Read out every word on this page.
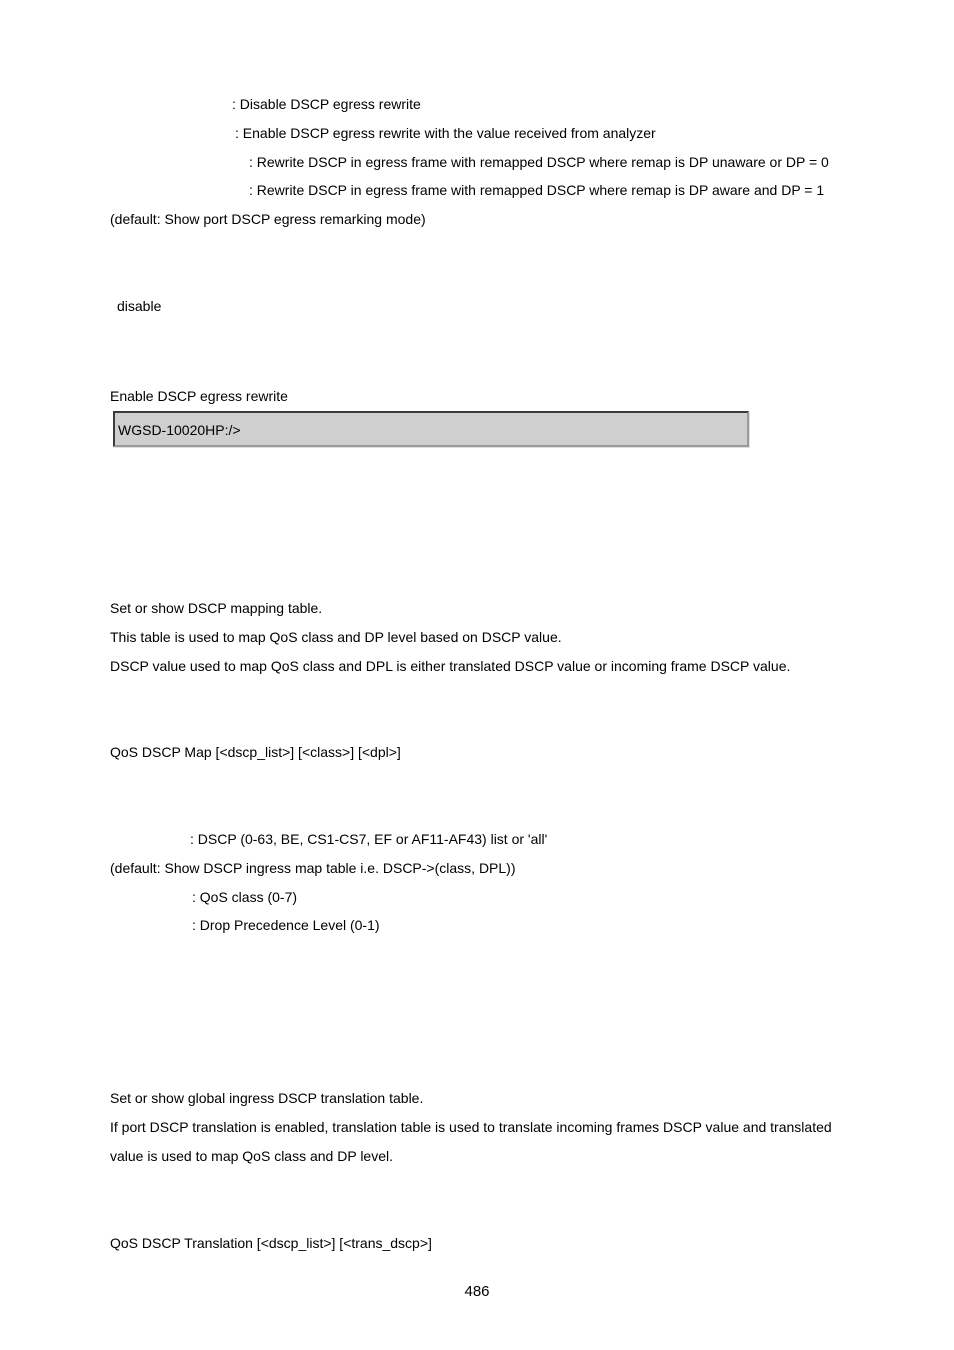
: Disable DSCP egress rewrite
: Enable DSCP egress rewrite with the value received from analyzer
: Rewrite DSCP in egress frame with remapped DSCP where remap is DP unaware or DP = 0
: Rewrite DSCP in egress frame with remapped DSCP where remap is DP aware and DP = 1
(default: Show port DSCP egress remarking mode)
disable
Enable DSCP egress rewrite
WGSD-10020HP:/>
Set or show DSCP mapping table.
This table is used to map QoS class and DP level based on DSCP value.
DSCP value used to map QoS class and DPL is either translated DSCP value or incoming frame DSCP value.
QoS DSCP Map [<dscp_list>] [<class>] [<dpl>]
: DSCP (0-63, BE, CS1-CS7, EF or AF11-AF43) list or 'all'
(default: Show DSCP ingress map table i.e. DSCP->(class, DPL))
: QoS class (0-7)
: Drop Precedence Level (0-1)
Set or show global ingress DSCP translation table.
If port DSCP translation is enabled, translation table is used to translate incoming frames DSCP value and translated
value is used to map QoS class and DP level.
QoS DSCP Translation [<dscp_list>] [<trans_dscp>]
486
